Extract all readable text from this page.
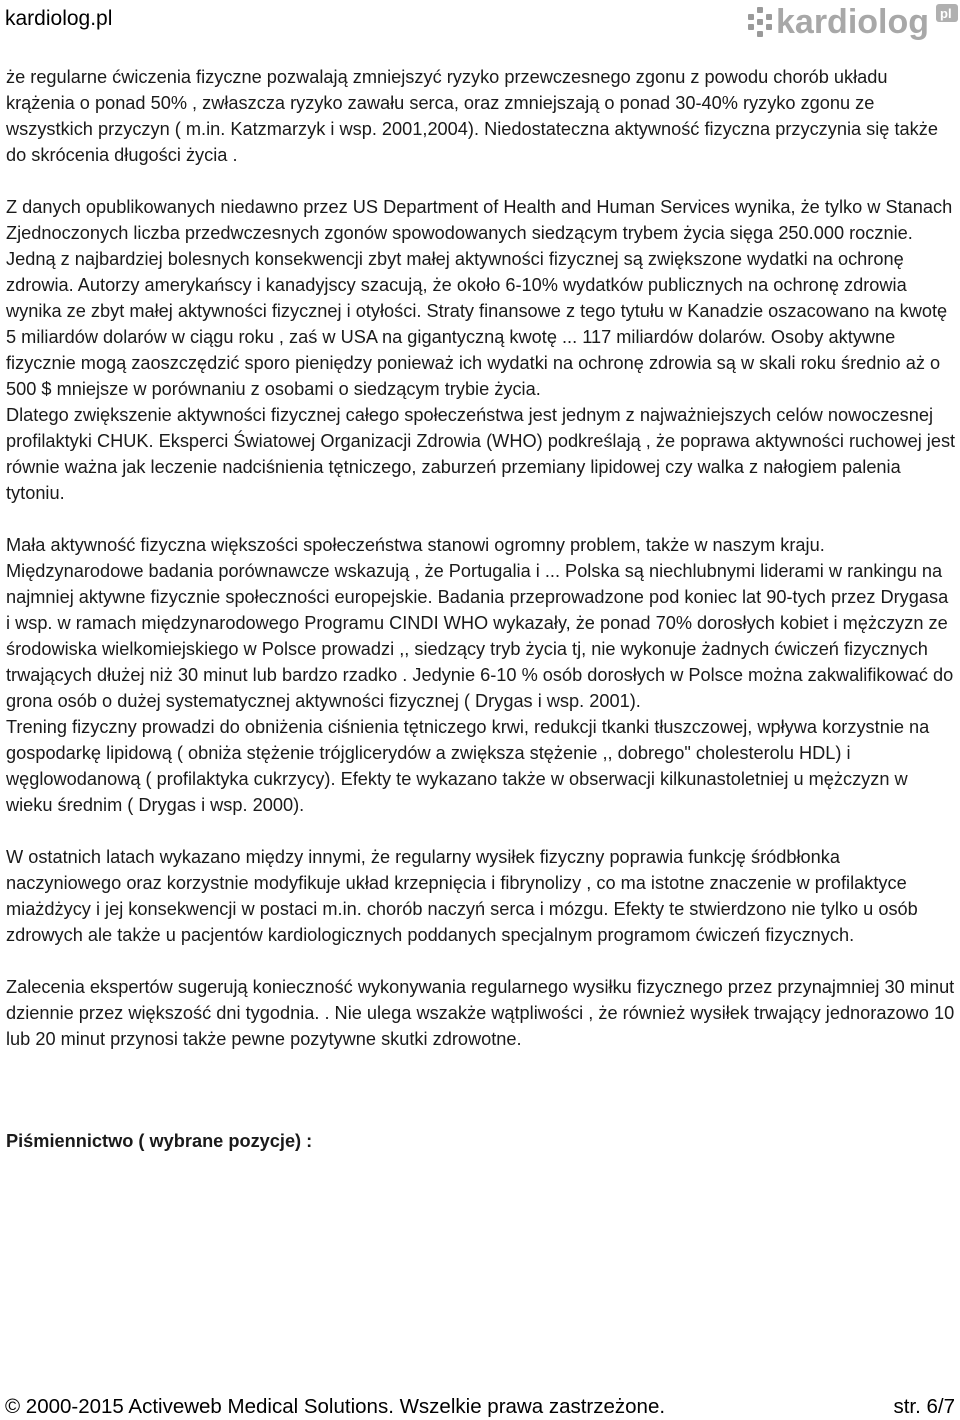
kardiolog.pl	kardiolog pl

że regularne ćwiczenia fizyczne pozwalają zmniejszyć ryzyko przewczesnego zgonu z powodu chorób układu krążenia o ponad 50% , zwłaszcza ryzyko zawału serca, oraz zmniejszają o ponad 30-40% ryzyko zgonu ze wszystkich przyczyn ( m.in. Katzmarzyk i wsp. 2001,2004). Niedostateczna aktywność fizyczna przyczynia się także do skrócenia długości życia .

Z danych opublikowanych niedawno przez US Department of Health and Human Services wynika, że tylko w Stanach Zjednoczonych liczba przedwczesnych zgonów spowodowanych siedzącym trybem życia sięga 250.000 rocznie. Jedną z najbardziej bolesnych konsekwencji zbyt małej aktywności fizycznej są zwiększone wydatki na ochronę zdrowia. Autorzy amerykańscy i kanadyjscy szacują, że około 6-10% wydatków publicznych na ochronę zdrowia wynika ze zbyt małej aktywności fizycznej i otyłości. Straty finansowe z tego tytułu w Kanadzie oszacowano na kwotę 5 miliardów dolarów w ciągu roku , zaś w USA na gigantyczną kwotę ... 117 miliardów dolarów. Osoby aktywne fizycznie mogą zaoszczędzić sporo pieniędzy ponieważ ich wydatki na ochronę zdrowia są w skali roku średnio aż o 500 $ mniejsze w porównaniu z osobami o siedzącym trybie życia.

Dlatego zwiększenie aktywności fizycznej całego społeczeństwa jest jednym z najważniejszych celów nowoczesnej profilaktyki CHUK. Eksperci Światowej Organizacji Zdrowia (WHO) podkreślają , że poprawa aktywności ruchowej jest równie ważna jak leczenie nadciśnienia tętniczego, zaburzeń przemiany lipidowej czy walka z nałogiem palenia tytoniu.

Mała aktywność fizyczna większości społeczeństwa stanowi ogromny problem, także w naszym kraju. Międzynarodowe badania porównawcze wskazują , że Portugalia i ... Polska są niechlubnymi liderami w rankingu na najmniej aktywne fizycznie społeczności europejskie. Badania przeprowadzone pod koniec lat 90-tych przez Drygasa i wsp. w ramach międzynarodowego Programu CINDI WHO wykazały, że ponad 70% dorosłych kobiet i mężczyzn ze środowiska wielkomiejskiego w Polsce prowadzi ,, siedzący tryb życia tj, nie wykonuje żadnych ćwiczeń fizycznych trwających dłużej niż 30 minut lub bardzo rzadko . Jedynie 6-10 % osób dorosłych w Polsce można zakwalifikować do grona osób o dużej systematycznej aktywności fizycznej ( Drygas i wsp. 2001).

Trening fizyczny prowadzi do obniżenia ciśnienia tętniczego krwi, redukcji tkanki tłuszczowej, wpływa korzystnie na gospodarkę lipidową ( obniża stężenie trójglicerydów a zwiększa stężenie ,, dobrego" cholesterolu HDL) i węglowodanową ( profilaktyka cukrzycy). Efekty te wykazano także w obserwacji kilkunastoletniej u mężczyzn w wieku średnim ( Drygas i wsp. 2000).

W ostatnich latach wykazano między innymi, że regularny wysiłek fizyczny poprawia funkcję śródbłonka naczyniowego oraz korzystnie modyfikuje układ krzepnięcia i fibrynolizy , co ma istotne znaczenie w profilaktyce miażdżycy i jej konsekwencji w postaci m.in. chorób naczyń serca i mózgu. Efekty te stwierdzono nie tylko u osób zdrowych ale także u pacjentów kardiologicznych poddanych specjalnym programom ćwiczeń fizycznych.

Zalecenia ekspertów sugerują konieczność wykonywania regularnego wysiłku fizycznego przez przynajmniej 30 minut dziennie przez większość dni tygodnia. . Nie ulega wszakże wątpliwości , że również wysiłek trwający jednorazowo 10 lub 20 minut przynosi także pewne pozytywne skutki zdrowotne.

Piśmiennictwo ( wybrane pozycje) :

© 2000-2015 Activeweb Medical Solutions. Wszelkie prawa zastrzeżone.	str. 6/7
